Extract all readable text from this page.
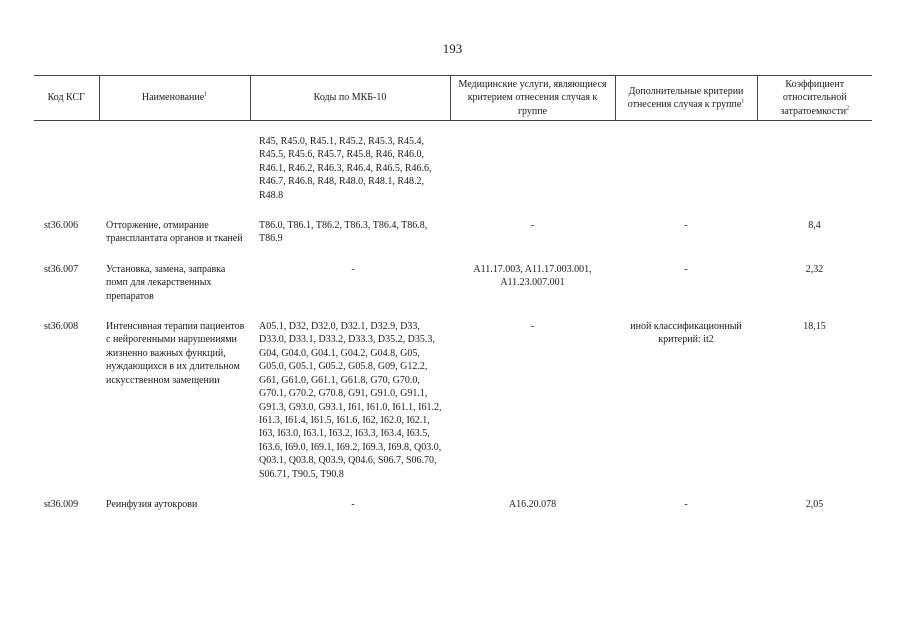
193
Код КСГ	Наименование$^1$	Коды по МКБ-10	Медицинские услуги, являющиеся критерием отнесения случая к группе	Дополнительные критерии отнесения случая к группе$^1$	Коэффициент относительной затратоемкости$^2$

		R45, R45.0, R45.1, R45.2, R45.3, R45.4, R45.5, R45.6, R45.7, R45.8, R46, R46.0, R46.1, R46.2, R46.3, R46.4, R46.5, R46.6, R46.7, R46.8, R48, R48.0, R48.1, R48.2, R48.8			

st36.006	Отторжение, отмирание трансплантата органов и тканей	T86.0, T86.1, T86.2, T86.3, T86.4, T86.8, T86.9	-	-	8,4

st36.007	Установка, замена, заправка помп для лекарственных препаратов	-	A11.17.003, A11.17.003.001, A11.23.007.001	-	2,32

st36.008	Интенсивная терапия пациентов с нейрогенными нарушениями жизненно важных функций, нуждающихся в их длительном искусственном замещении	A05.1, D32, D32.0, D32.1, D32.9, D33, D33.0, D33.1, D33.2, D33.3, D35.2, D35.3, G04, G04.0, G04.1, G04.2, G04.8, G05, G05.0, G05.1, G05.2, G05.8, G09, G12.2, G61, G61.0, G61.1, G61.8, G70, G70.0, G70.1, G70.2, G70.8, G91, G91.0, G91.1, G91.3, G93.0, G93.1, I61, I61.0, I61.1, I61.2, I61.3, I61.4, I61.5, I61.6, I62, I62.0, I62.1, I63, I63.0, I63.1, I63.2, I63.3, I63.4, I63.5, I63.6, I69.0, I69.1, I69.2, I69.3, I69.8, Q03.0, Q03.1, Q03.8, Q03.9, Q04.6, S06.7, S06.70, S06.71, T90.5, T90.8	-	иной классификационный критерий: it2	18,15

st36.009	Реинфузия аутокрови	-	A16.20.078	-	2,05
